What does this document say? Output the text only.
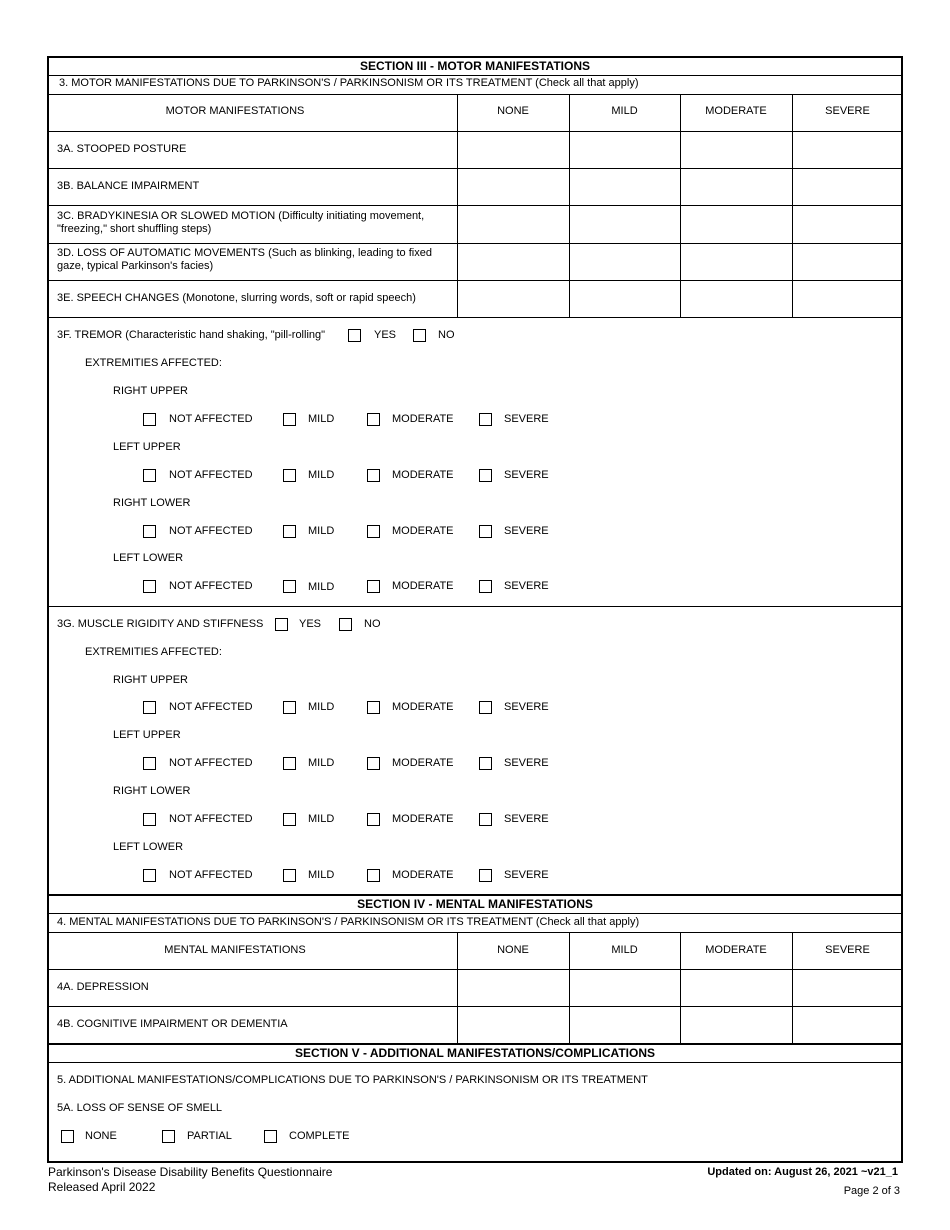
SECTION III - MOTOR MANIFESTATIONS
3. MOTOR MANIFESTATIONS DUE TO PARKINSON'S / PARKINSONISM OR ITS TREATMENT (Check all that apply)
MOTOR MANIFESTATIONS	NONE	MILD	MODERATE	SEVERE
3A. STOOPED POSTURE
3B. BALANCE IMPAIRMENT
3C. BRADYKINESIA OR SLOWED MOTION (Difficulty initiating movement, "freezing," short shuffling steps)
3D. LOSS OF AUTOMATIC MOVEMENTS (Such as blinking, leading to fixed gaze, typical Parkinson's facies)
3E. SPEECH CHANGES (Monotone, slurring words, soft or rapid speech)
3F. TREMOR (Characteristic hand shaking, "pill-rolling"	YES	NO
EXTREMITIES AFFECTED:
RIGHT UPPER
NOT AFFECTED	MILD	MODERATE	SEVERE
LEFT UPPER
NOT AFFECTED	MILD	MODERATE	SEVERE
RIGHT LOWER
NOT AFFECTED	MILD	MODERATE	SEVERE
LEFT LOWER
NOT AFFECTED	MILD	MODERATE	SEVERE
3G. MUSCLE RIGIDITY AND STIFFNESS	YES	NO
EXTREMITIES AFFECTED:
RIGHT UPPER
NOT AFFECTED	MILD	MODERATE	SEVERE
LEFT UPPER
NOT AFFECTED	MILD	MODERATE	SEVERE
RIGHT LOWER
NOT AFFECTED	MILD	MODERATE	SEVERE
LEFT LOWER
NOT AFFECTED	MILD	MODERATE	SEVERE
SECTION IV - MENTAL MANIFESTATIONS
4. MENTAL MANIFESTATIONS DUE TO PARKINSON'S / PARKINSONISM OR ITS TREATMENT (Check all that apply)
MENTAL MANIFESTATIONS	NONE	MILD	MODERATE	SEVERE
4A. DEPRESSION
4B. COGNITIVE IMPAIRMENT OR DEMENTIA
SECTION V - ADDITIONAL MANIFESTATIONS/COMPLICATIONS
5. ADDITIONAL MANIFESTATIONS/COMPLICATIONS DUE TO PARKINSON'S / PARKINSONISM OR ITS TREATMENT
5A. LOSS OF SENSE OF SMELL
NONE	PARTIAL	COMPLETE
Parkinson's Disease Disability Benefits Questionnaire
Released April 2022
Updated on: August 26, 2021 ~v21_1
Page 2 of 3
